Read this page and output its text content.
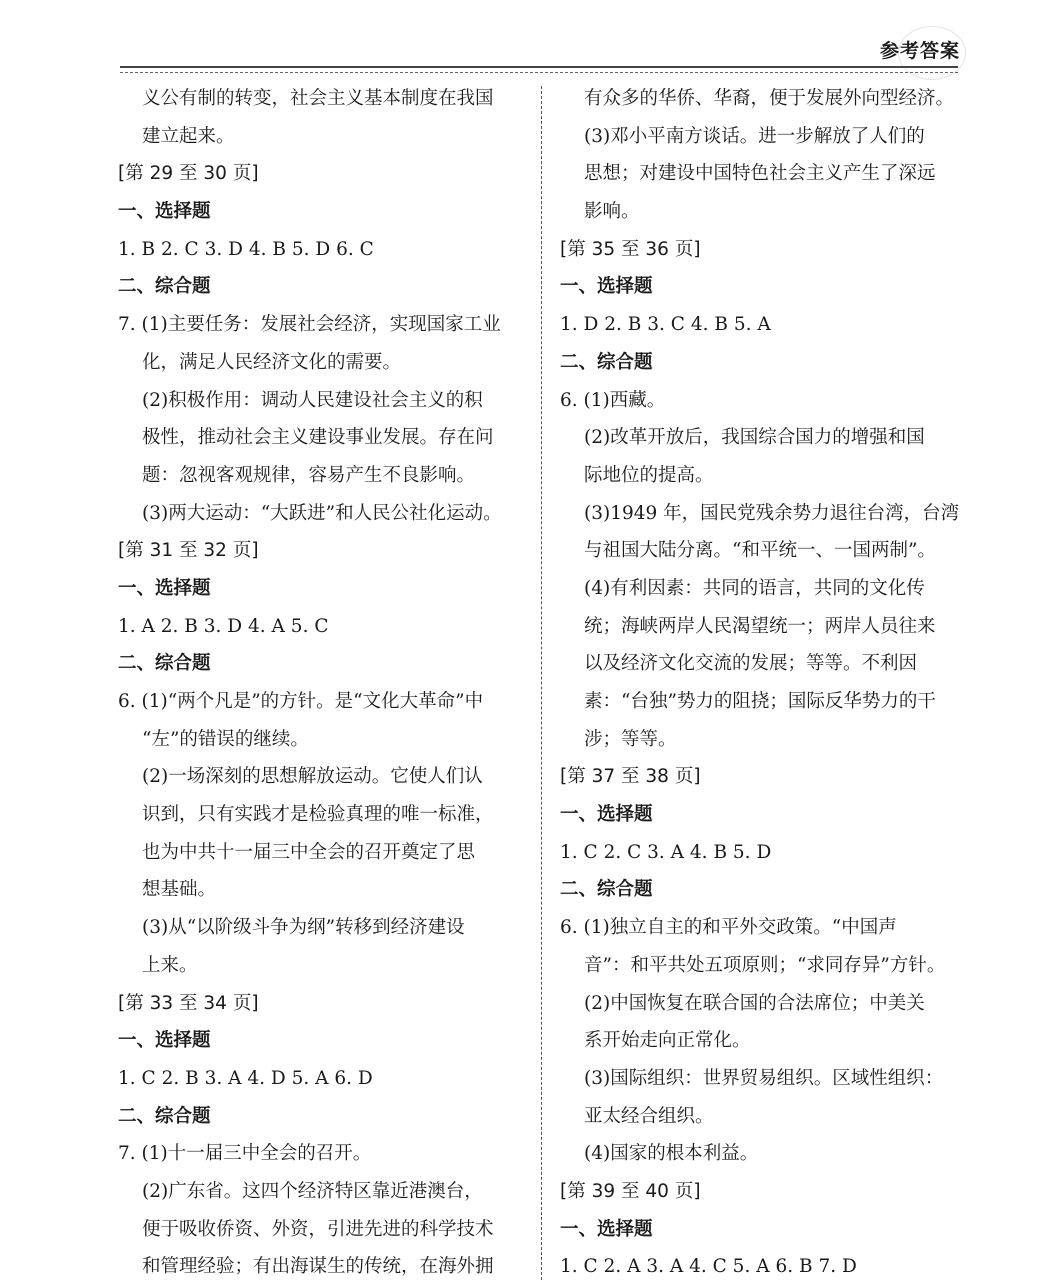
参考答案
义公有制的转变，社会主义基本制度在我国
建立起来。
[第 29 至 30 页]
一、选择题
1. B 2. C 3. D 4. B 5. D 6. C
二、综合题
7. (1)主要任务：发展社会经济，实现国家工业
化，满足人民经济文化的需要。
(2)积极作用：调动人民建设社会主义的积
极性，推动社会主义建设事业发展。存在问
题：忽视客观规律，容易产生不良影响。
(3)两大运动：“大跃进”和人民公社化运动。
[第 31 至 32 页]
一、选择题
1. A 2. B 3. D 4. A 5. C
二、综合题
6. (1)“两个凡是”的方针。是“文化大革命”中
“左”的错误的继续。
(2)一场深刻的思想解放运动。它使人们认
识到，只有实践才是检验真理的唯一标准，
也为中共十一届三中全会的召开奠定了思
想基础。
(3)从“以阶级斗争为纲”转移到经济建设
上来。
[第 33 至 34 页]
一、选择题
1. C 2. B 3. A 4. D 5. A 6. D
二、综合题
7. (1)十一届三中全会的召开。
(2)广东省。这四个经济特区靠近港澳台，
便于吸收侨资、外资，引进先进的科学技术
和管理经验；有出海谋生的传统，在海外拥
有众多的华侨、华裔，便于发展外向型经济。
(3)邓小平南方谈话。进一步解放了人们的
思想；对建设中国特色社会主义产生了深远
影响。
[第 35 至 36 页]
一、选择题
1. D 2. B 3. C 4. B 5. A
二、综合题
6. (1)西藏。
(2)改革开放后，我国综合国力的增强和国
际地位的提高。
(3)1949 年，国民党残余势力退往台湾，台湾
与祖国大陆分离。“和平统一、一国两制”。
(4)有利因素：共同的语言，共同的文化传
统；海峡两岸人民渴望统一；两岸人员往来
以及经济文化交流的发展；等等。不利因
素：“台独”势力的阻挠；国际反华势力的干
涉；等等。
[第 37 至 38 页]
一、选择题
1. C 2. C 3. A 4. B 5. D
二、综合题
6. (1)独立自主的和平外交政策。“中国声
音”：和平共处五项原则；“求同存异”方针。
(2)中国恢复在联合国的合法席位；中美关
系开始走向正常化。
(3)国际组织：世界贸易组织。区域性组织：
亚太经合组织。
(4)国家的根本利益。
[第 39 至 40 页]
一、选择题
1. C 2. A 3. A 4. C 5. A 6. B 7. D
